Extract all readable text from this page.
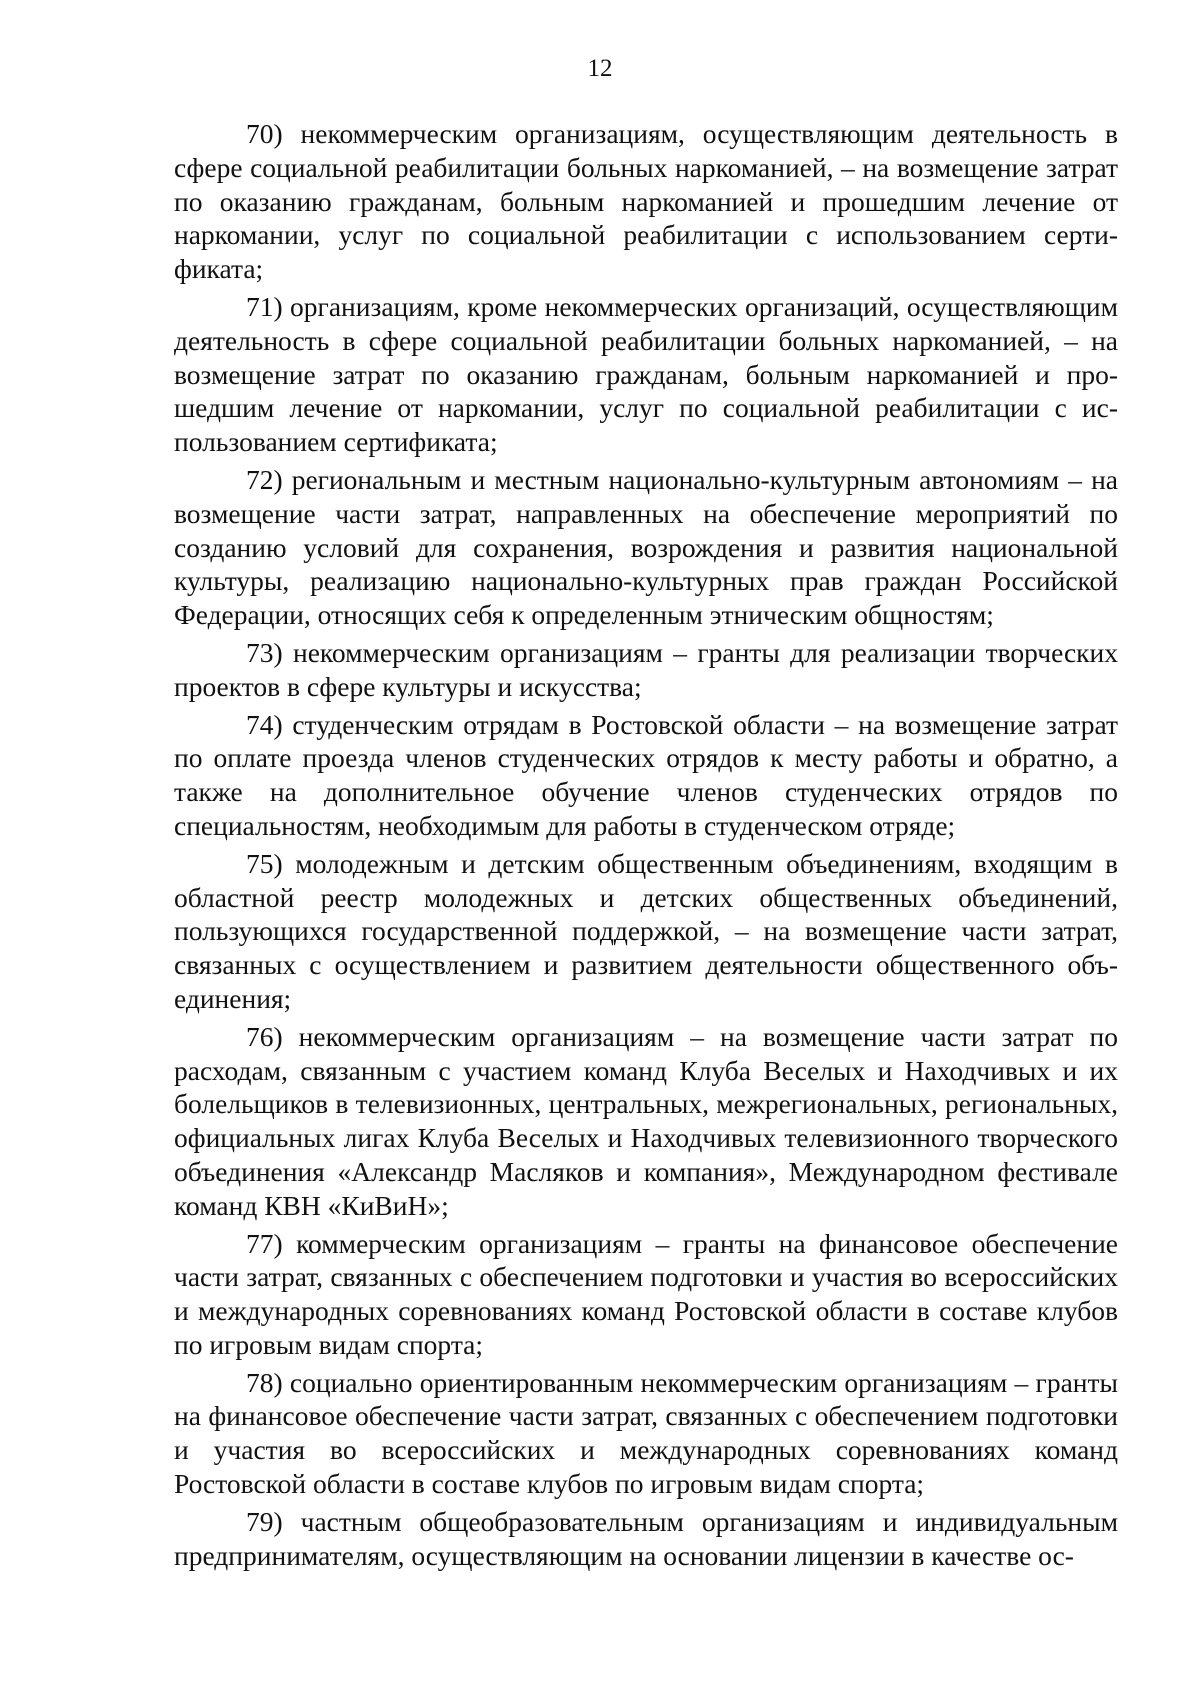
12

70) некоммерческим организациям, осуществляющим деятельность в сфере социальной реабилитации больных наркоманией, – на возмещение затрат по оказанию гражданам, больным наркоманией и прошедшим лечение от наркомании, услуг по социальной реабилитации с использованием сертификата;

71) организациям, кроме некоммерческих организаций, осуществляющим деятельность в сфере социальной реабилитации больных наркоманией, – на возмещение затрат по оказанию гражданам, больным наркоманией и прошедшим лечение от наркомании, услуг по социальной реабилитации с использованием сертификата;

72) региональным и местным национально-культурным автономиям – на возмещение части затрат, направленных на обеспечение мероприятий по созданию условий для сохранения, возрождения и развития национальной культуры, реализацию национально-культурных прав граждан Российской Федерации, относящих себя к определенным этническим общностям;

73) некоммерческим организациям – гранты для реализации творческих проектов в сфере культуры и искусства;

74) студенческим отрядам в Ростовской области – на возмещение затрат по оплате проезда членов студенческих отрядов к месту работы и обратно, а также на дополнительное обучение членов студенческих отрядов по специальностям, необходимым для работы в студенческом отряде;

75) молодежным и детским общественным объединениям, входящим в областной реестр молодежных и детских общественных объединений, пользующихся государственной поддержкой, – на возмещение части затрат, связанных с осуществлением и развитием деятельности общественного объединения;

76) некоммерческим организациям – на возмещение части затрат по расходам, связанным с участием команд Клуба Веселых и Находчивых и их болельщиков в телевизионных, центральных, межрегиональных, региональных, официальных лигах Клуба Веселых и Находчивых телевизионного творческого объединения «Александр Масляков и компания», Международном фестивале команд КВН «КиВиН»;

77) коммерческим организациям – гранты на финансовое обеспечение части затрат, связанных с обеспечением подготовки и участия во всероссийских и международных соревнованиях команд Ростовской области в составе клубов по игровым видам спорта;

78) социально ориентированным некоммерческим организациям – гранты на финансовое обеспечение части затрат, связанных с обеспечением подготовки и участия во всероссийских и международных соревнованиях команд Ростовской области в составе клубов по игровым видам спорта;

79) частным общеобразовательным организациям и индивидуальным предпринимателям, осуществляющим на основании лицензии в качестве ос-
